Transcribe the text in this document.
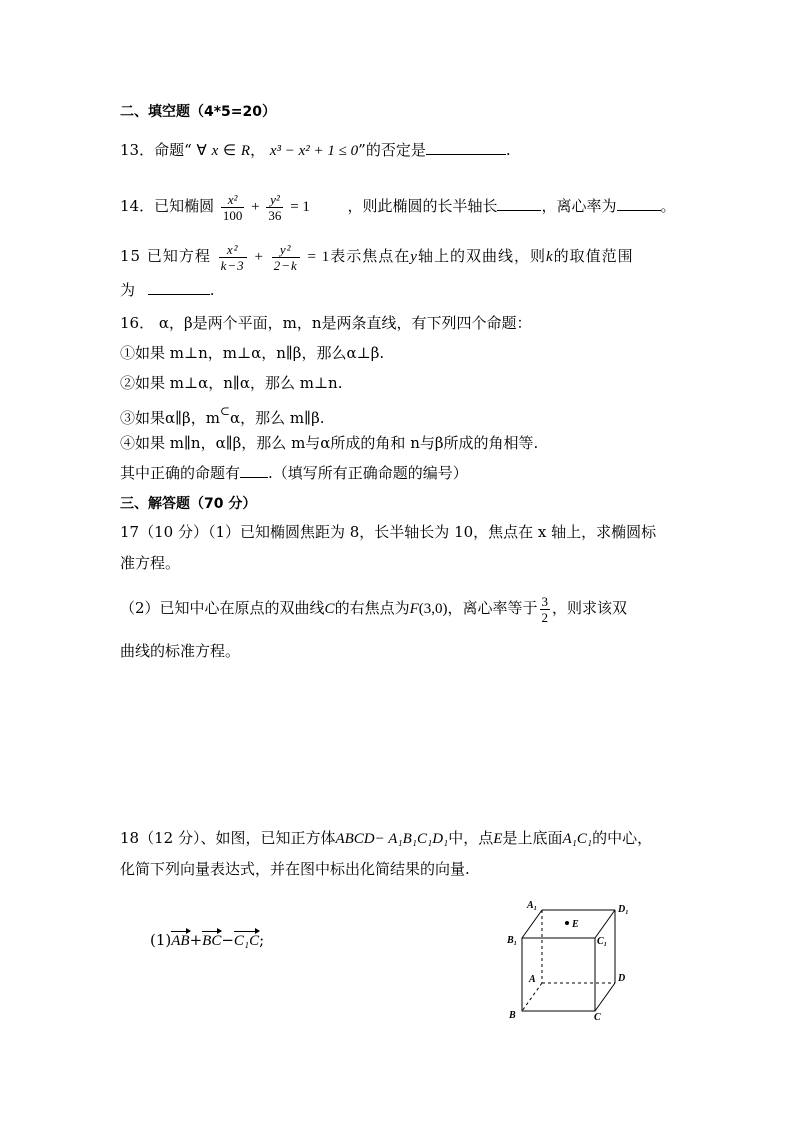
二、填空题（4*5=20）
13．命题“ ∀ x ∈ R， x³ − x² + 1 ≤ 0”的否定是	.
14．已知椭圆 $\frac{\text{x²}}{100} + \frac{\text{y²}}{36} = 1$	，则此椭圆的长半轴长	，离心率为	。
15 已知方程 $\frac{\text{x²}}{k-3} + \frac{\text{y²}}{2-k} = 1$表示焦点在y轴上的双曲线，则k的取值范围
为	.
16． α，β是两个平面，m，n是两条直线，有下列四个命题：
①如果 m⊥n，m⊥α，n∥β，那么α⊥β.
②如果 m⊥α，n∥α，那么 m⊥n.
③如果α∥β，m⊂α，那么 m∥β.
④如果 m∥n，α∥β，那么 m与α所成的角和 n与β所成的角相等.
其中正确的命题有 .（填写所有正确命题的编号）
三、解答题（70 分）
17（10 分）（1）已知椭圆焦距为 8，长半轴长为 10，焦点在 x 轴上，求椭圆标
准方程。
（2）已知中心在原点的双曲线C的右焦点为F(3,0)，离心率等于 $\frac{3}{2}$ ，则求该双
曲线的标准方程。
18（12 分）、如图，已知正方体ABCD− A₁B₁C₁D₁中，点E是上底面A₁C₁的中心，
化简下列向量表达式，并在图中标出化简结果的向量.
(1)AB+BC−C₁C;
A₁	D₁
B₁	C₁
A	D
B	C
E
